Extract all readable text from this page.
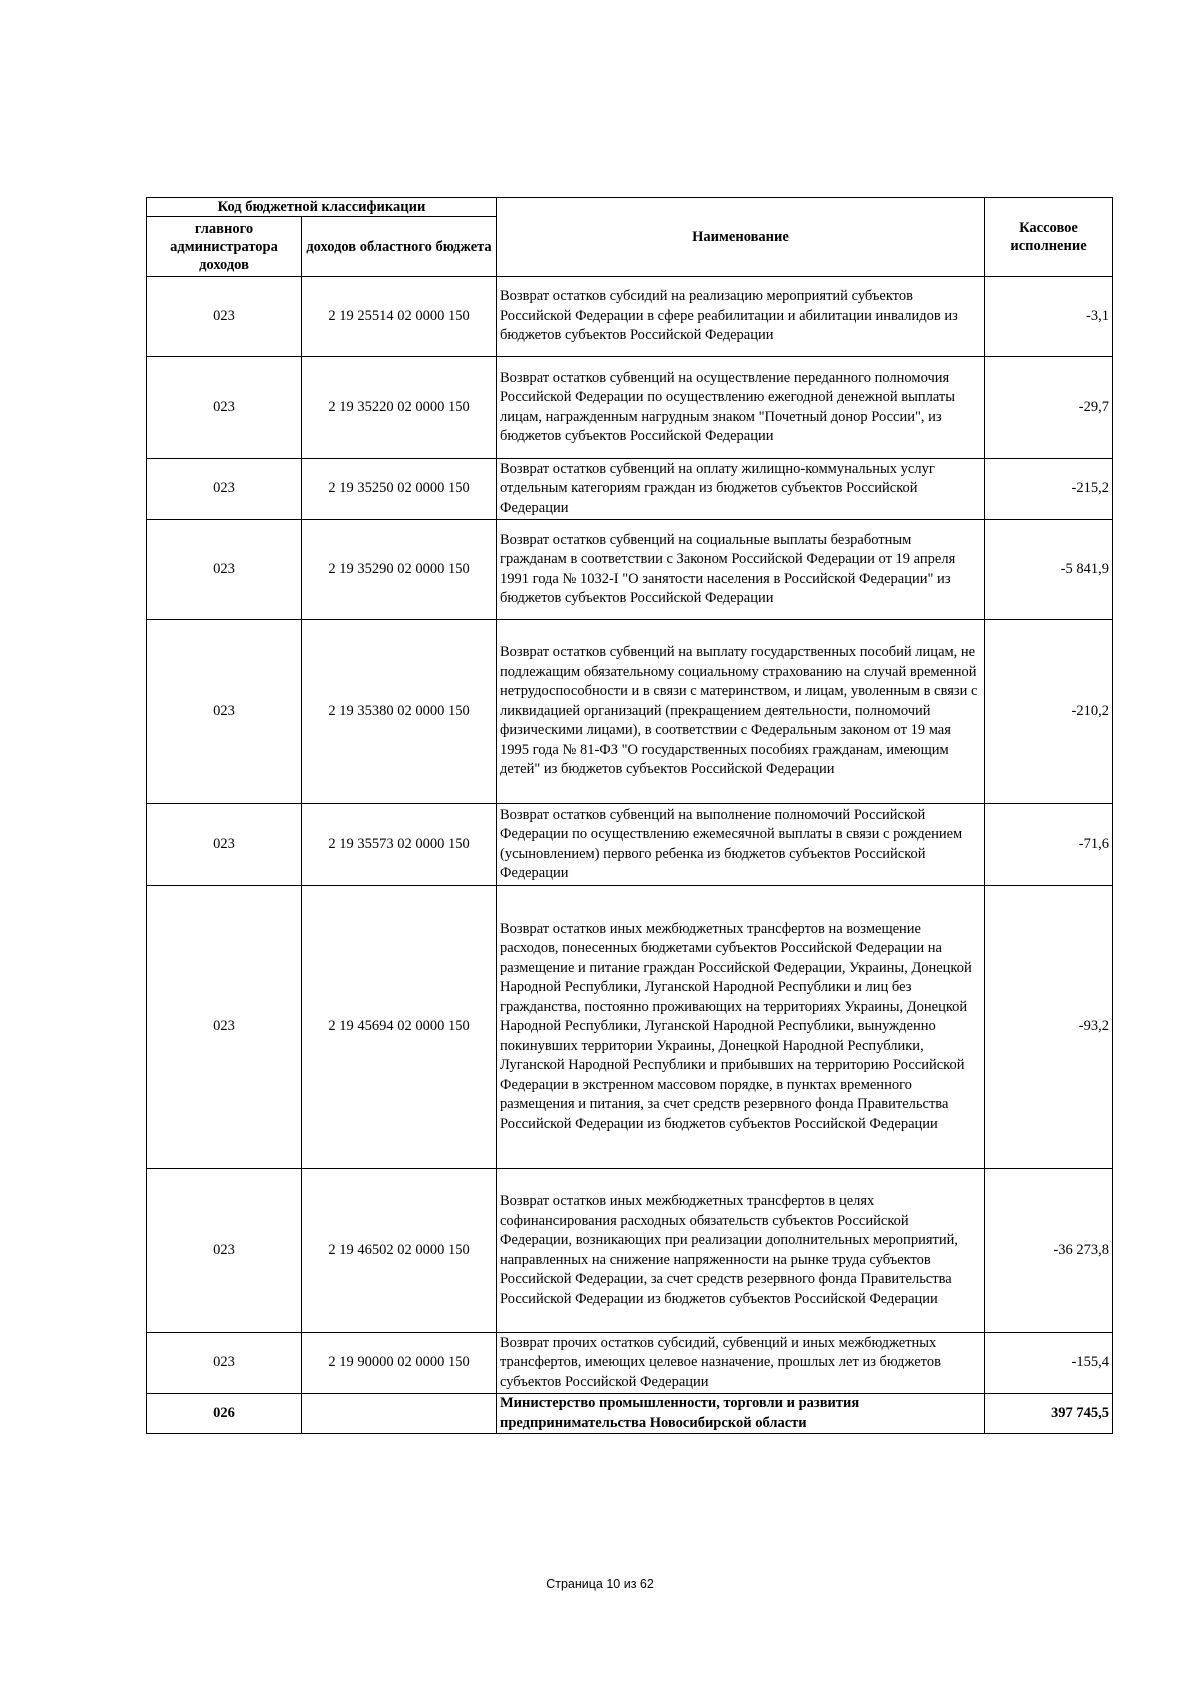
Код бюджетной классификации		Наименование	Кассовое исполнение
главного администратора доходов	доходов областного бюджета		
023	2 19 25514 02 0000 150	Возврат остатков субсидий на реализацию мероприятий субъектов Российской Федерации в сфере реабилитации и абилитации инвалидов из бюджетов субъектов Российской Федерации	-3,1
023	2 19 35220 02 0000 150	Возврат остатков субвенций на осуществление переданного полномочия Российской Федерации по осуществлению ежегодной денежной выплаты лицам, награжденным нагрудным знаком "Почетный донор России", из бюджетов субъектов Российской Федерации	-29,7
023	2 19 35250 02 0000 150	Возврат остатков субвенций на оплату жилищно-коммунальных услуг отдельным категориям граждан из бюджетов субъектов Российской Федерации	-215,2
023	2 19 35290 02 0000 150	Возврат остатков субвенций на социальные выплаты безработным гражданам в соответствии с Законом Российской Федерации от 19 апреля 1991 года № 1032-I "О занятости населения в Российской Федерации" из бюджетов субъектов Российской Федерации	-5 841,9
023	2 19 35380 02 0000 150	Возврат остатков субвенций на выплату государственных пособий лицам, не подлежащим обязательному социальному страхованию на случай временной нетрудоспособности и в связи с материнством, и лицам, уволенным в связи с ликвидацией организаций (прекращением деятельности, полномочий физическими лицами), в соответствии с Федеральным законом от 19 мая 1995 года № 81-ФЗ "О государственных пособиях гражданам, имеющим детей" из бюджетов субъектов Российской Федерации	-210,2
023	2 19 35573 02 0000 150	Возврат остатков субвенций на выполнение полномочий Российской Федерации по осуществлению ежемесячной выплаты в связи с рождением (усыновлением) первого ребенка из бюджетов субъектов Российской Федерации	-71,6
023	2 19 45694 02 0000 150	Возврат остатков иных межбюджетных трансфертов на возмещение расходов, понесенных бюджетами субъектов Российской Федерации на размещение и питание граждан Российской Федерации, Украины, Донецкой Народной Республики, Луганской Народной Республики и лиц без гражданства, постоянно проживающих на территориях Украины, Донецкой Народной Республики, Луганской Народной Республики, вынужденно покинувших территории Украины, Донецкой Народной Республики, Луганской Народной Республики и прибывших на территорию Российской Федерации в экстренном массовом порядке, в пунктах временного размещения и питания, за счет средств резервного фонда Правительства Российской Федерации из бюджетов субъектов Российской Федерации	-93,2
023	2 19 46502 02 0000 150	Возврат остатков иных межбюджетных трансфертов в целях софинансирования расходных обязательств субъектов Российской Федерации, возникающих при реализации дополнительных мероприятий, направленных на снижение напряженности на рынке труда субъектов Российской Федерации, за счет средств резервного фонда Правительства Российской Федерации из бюджетов субъектов Российской Федерации	-36 273,8
023	2 19 90000 02 0000 150	Возврат прочих остатков субсидий, субвенций и иных межбюджетных трансфертов, имеющих целевое назначение, прошлых лет из бюджетов субъектов Российской Федерации	-155,4
026		Министерство промышленности, торговли и развития предпринимательства Новосибирской области	397 745,5
Страница 10 из 62
